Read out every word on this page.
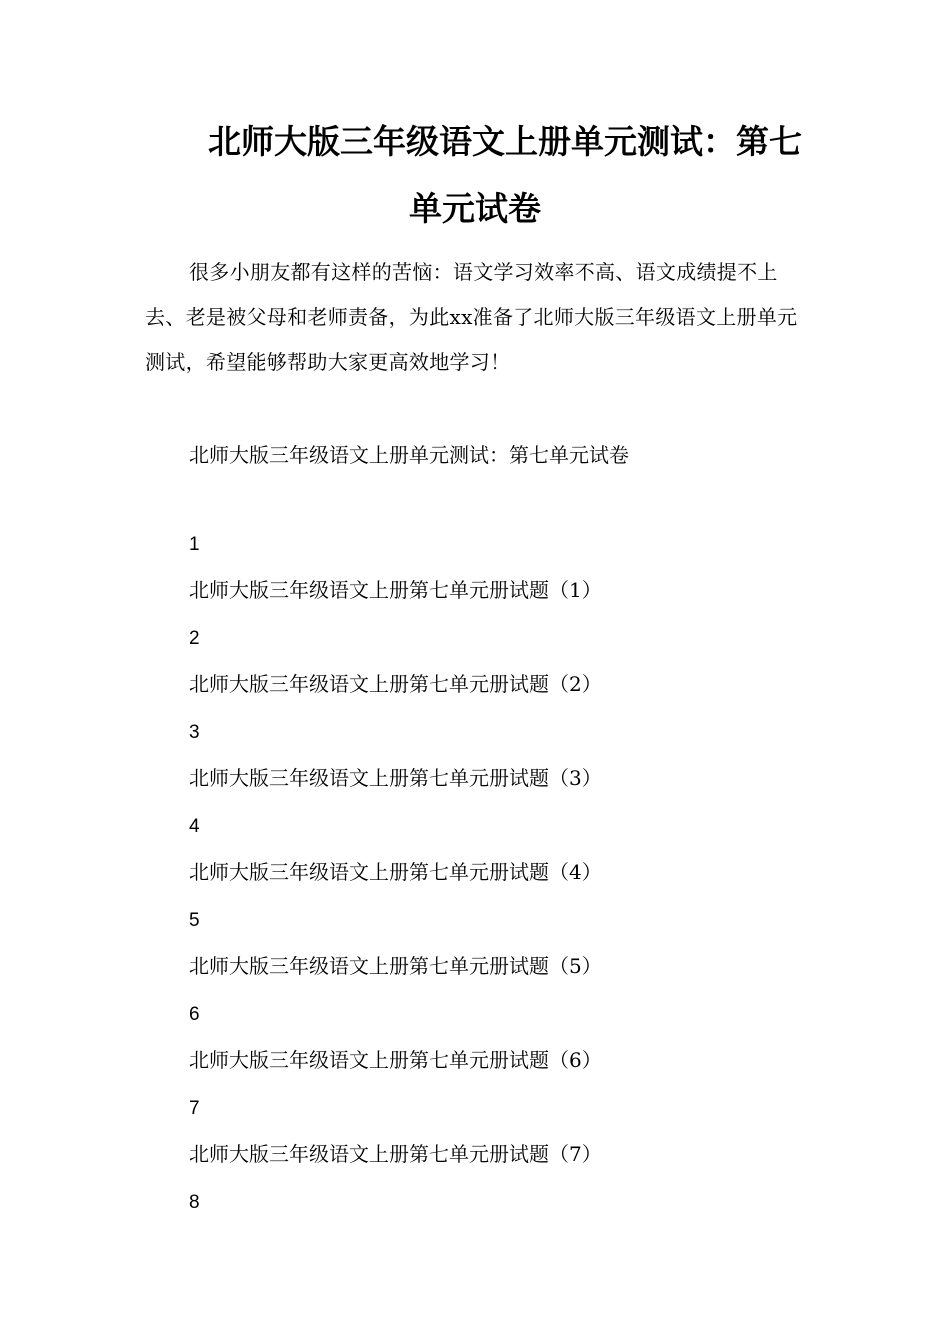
北师大版三年级语文上册单元测试：第七
单元试卷

很多小朋友都有这样的苦恼：语文学习效率不高、语文成绩提不上去、老是被父母和老师责备，为此xx准备了北师大版三年级语文上册单元测试，希望能够帮助大家更高效地学习！

北师大版三年级语文上册单元测试：第七单元试卷

1

北师大版三年级语文上册第七单元册试题（1）

2

北师大版三年级语文上册第七单元册试题（2）

3

北师大版三年级语文上册第七单元册试题（3）

4

北师大版三年级语文上册第七单元册试题（4）

5

北师大版三年级语文上册第七单元册试题（5）

6

北师大版三年级语文上册第七单元册试题（6）

7

北师大版三年级语文上册第七单元册试题（7）

8
